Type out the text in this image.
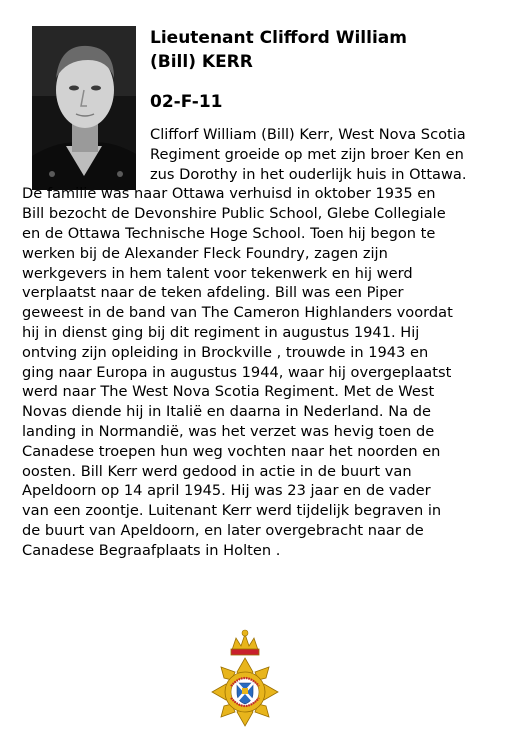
Lieutenant Clifford William
(Bill) KERR
02-F-11

Clifforf William (Bill) Kerr, West Nova Scotia
Regiment groeide op met zijn broer Ken en
zus Dorothy in het ouderlijk huis in Ottawa.
De familie was naar Ottawa verhuisd in oktober 1935 en
Bill bezocht de Devonshire Public School, Glebe Collegiale
en de Ottawa Technische Hoge School. Toen hij begon te
werken bij de Alexander Fleck Foundry, zagen zijn
werkgevers in hem talent voor tekenwerk en hij werd
verplaatst naar de teken afdeling. Bill was een Piper
geweest in de band van The Cameron Highlanders voordat
hij in dienst ging bij dit regiment in augustus 1941. Hij
ontving zijn opleiding in Brockville , trouwde in 1943 en
ging naar Europa in augustus 1944, waar hij overgeplaatst
werd naar The West Nova Scotia Regiment. Met de West
Novas diende hij in Italië en daarna in Nederland. Na de
landing in Normandië, was het verzet was hevig toen de
Canadese troepen hun weg vochten naar het noorden en
oosten. Bill Kerr werd gedood in actie in de buurt van
Apeldoorn op 14 april 1945. Hij was 23 jaar en de vader
van een zoontje. Luitenant Kerr werd tijdelijk begraven in
de buurt van Apeldoorn, en later overgebracht naar de
Canadese Begraafplaats in Holten .
